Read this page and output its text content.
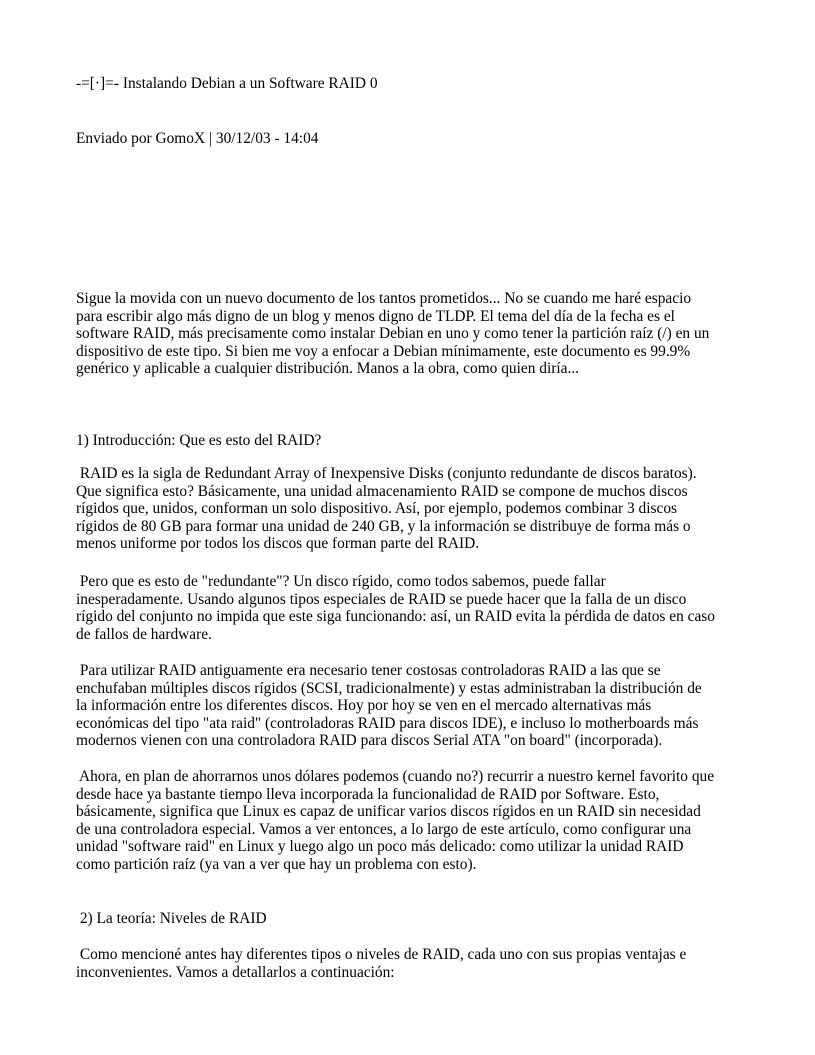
-=[·]=- Instalando Debian a un Software RAID 0

Enviado por GomoX | 30/12/03 - 14:04

Sigue la movida con un nuevo documento de los tantos prometidos... No se cuando me haré espacio
para escribir algo más digno de un blog y menos digno de TLDP. El tema del día de la fecha es el
software RAID, más precisamente como instalar Debian en uno y como tener la partición raíz (/) en un
dispositivo de este tipo. Si bien me voy a enfocar a Debian mínimamente, este documento es 99.9%
genérico y aplicable a cualquier distribución. Manos a la obra, como quien diría...

1) Introducción: Que es esto del RAID?

RAID es la sigla de Redundant Array of Inexpensive Disks (conjunto redundante de discos baratos).
Que significa esto? Básicamente, una unidad almacenamiento RAID se compone de muchos discos
rígidos que, unidos, conforman un solo dispositivo. Así, por ejemplo, podemos combinar 3 discos
rígidos de 80 GB para formar una unidad de 240 GB, y la información se distribuye de forma más o
menos uniforme por todos los discos que forman parte del RAID.
Pero que es esto de "redundante"? Un disco rígido, como todos sabemos, puede fallar
inesperadamente. Usando algunos tipos especiales de RAID se puede hacer que la falla de un disco
rígido del conjunto no impida que este siga funcionando: así, un RAID evita la pérdida de datos en caso
de fallos de hardware.
Para utilizar RAID antiguamente era necesario tener costosas controladoras RAID a las que se
enchufaban múltiples discos rígidos (SCSI, tradicionalmente) y estas administraban la distribución de
la información entre los diferentes discos. Hoy por hoy se ven en el mercado alternativas más
económicas del tipo "ata raid" (controladoras RAID para discos IDE), e incluso lo motherboards más
modernos vienen con una controladora RAID para discos Serial ATA "on board" (incorporada).
Ahora, en plan de ahorrarnos unos dólares podemos (cuando no?) recurrir a nuestro kernel favorito que
desde hace ya bastante tiempo lleva incorporada la funcionalidad de RAID por Software. Esto,
básicamente, significa que Linux es capaz de unificar varios discos rígidos en un RAID sin necesidad
de una controladora especial. Vamos a ver entonces, a lo largo de este artículo, como configurar una
unidad "software raid" en Linux y luego algo un poco más delicado: como utilizar la unidad RAID
como partición raíz (ya van a ver que hay un problema con esto).

2) La teoría: Niveles de RAID

Como mencioné antes hay diferentes tipos o niveles de RAID, cada uno con sus propias ventajas e
inconvenientes. Vamos a detallarlos a continuación:
